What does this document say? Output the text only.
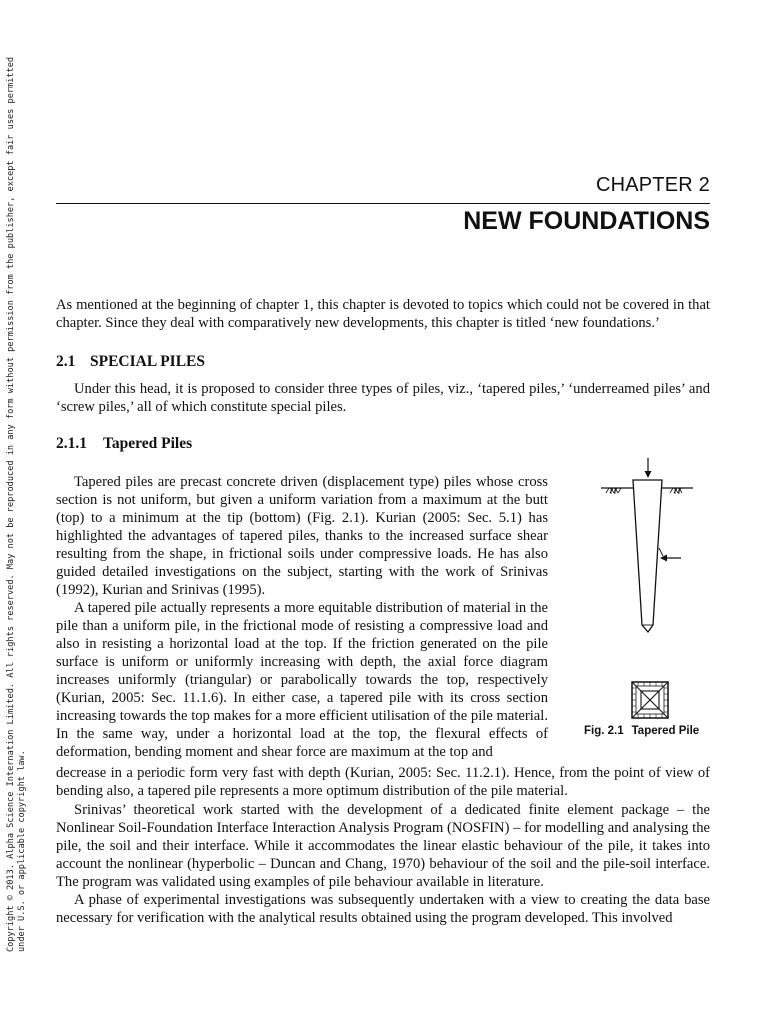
Copyright © 2013. Alpha Science Internation Limited. All rights reserved. May not be reproduced in any form without permission from the publisher, except fair uses permitted under U.S. or applicable copyright law.
CHAPTER 2
NEW FOUNDATIONS

As mentioned at the beginning of chapter 1, this chapter is devoted to topics which could not be covered in that chapter. Since they deal with comparatively new developments, this chapter is titled ‘new foundations.’

2.1 SPECIAL PILES

Under this head, it is proposed to consider three types of piles, viz., ‘tapered piles,’ ‘underreamed piles’ and ‘screw piles,’ all of which constitute special piles.

2.1.1 Tapered Piles

Tapered piles are precast concrete driven (displacement type) piles whose cross section is not uniform, but given a uniform variation from a maximum at the butt (top) to a minimum at the tip (bottom) (Fig. 2.1). Kurian (2005: Sec. 5.1) has highlighted the advantages of tapered piles, thanks to the increased surface shear resulting from the shape, in frictional soils under compressive loads. He has also guided detailed investigations on the subject, starting with the work of Srinivas (1992), Kurian and Srinivas (1995).

A tapered pile actually represents a more equitable distribution of material in the pile than a uniform pile, in the frictional mode of resisting a compressive load and also in resisting a horizontal load at the top. If the friction generated on the pile surface is uniform or uniformly increasing with depth, the axial force diagram increases uniformly (triangular) or parabolically towards the top, respectively (Kurian, 2005: Sec. 11.1.6). In either case, a tapered pile with its cross section increasing towards the top makes for a more efficient utilisation of the pile material. In the same way, under a horizontal load at the top, the flexural effects of deformation, bending moment and shear force are maximum at the top and

Fig. 2.1 Tapered Pile

decrease in a periodic form very fast with depth (Kurian, 2005: Sec. 11.2.1). Hence, from the point of view of bending also, a tapered pile represents a more optimum distribution of the pile material.

Srinivas’ theoretical work started with the development of a dedicated finite element package – the Nonlinear Soil-Foundation Interface Interaction Analysis Program (NOSFIN) – for modelling and analysing the pile, the soil and their interface. While it accommodates the linear elastic behaviour of the pile, it takes into account the nonlinear (hyperbolic – Duncan and Chang, 1970) behaviour of the soil and the pile-soil interface. The program was validated using examples of pile behaviour available in literature.

A phase of experimental investigations was subsequently undertaken with a view to creating the data base necessary for verification with the analytical results obtained using the program developed. This involved
